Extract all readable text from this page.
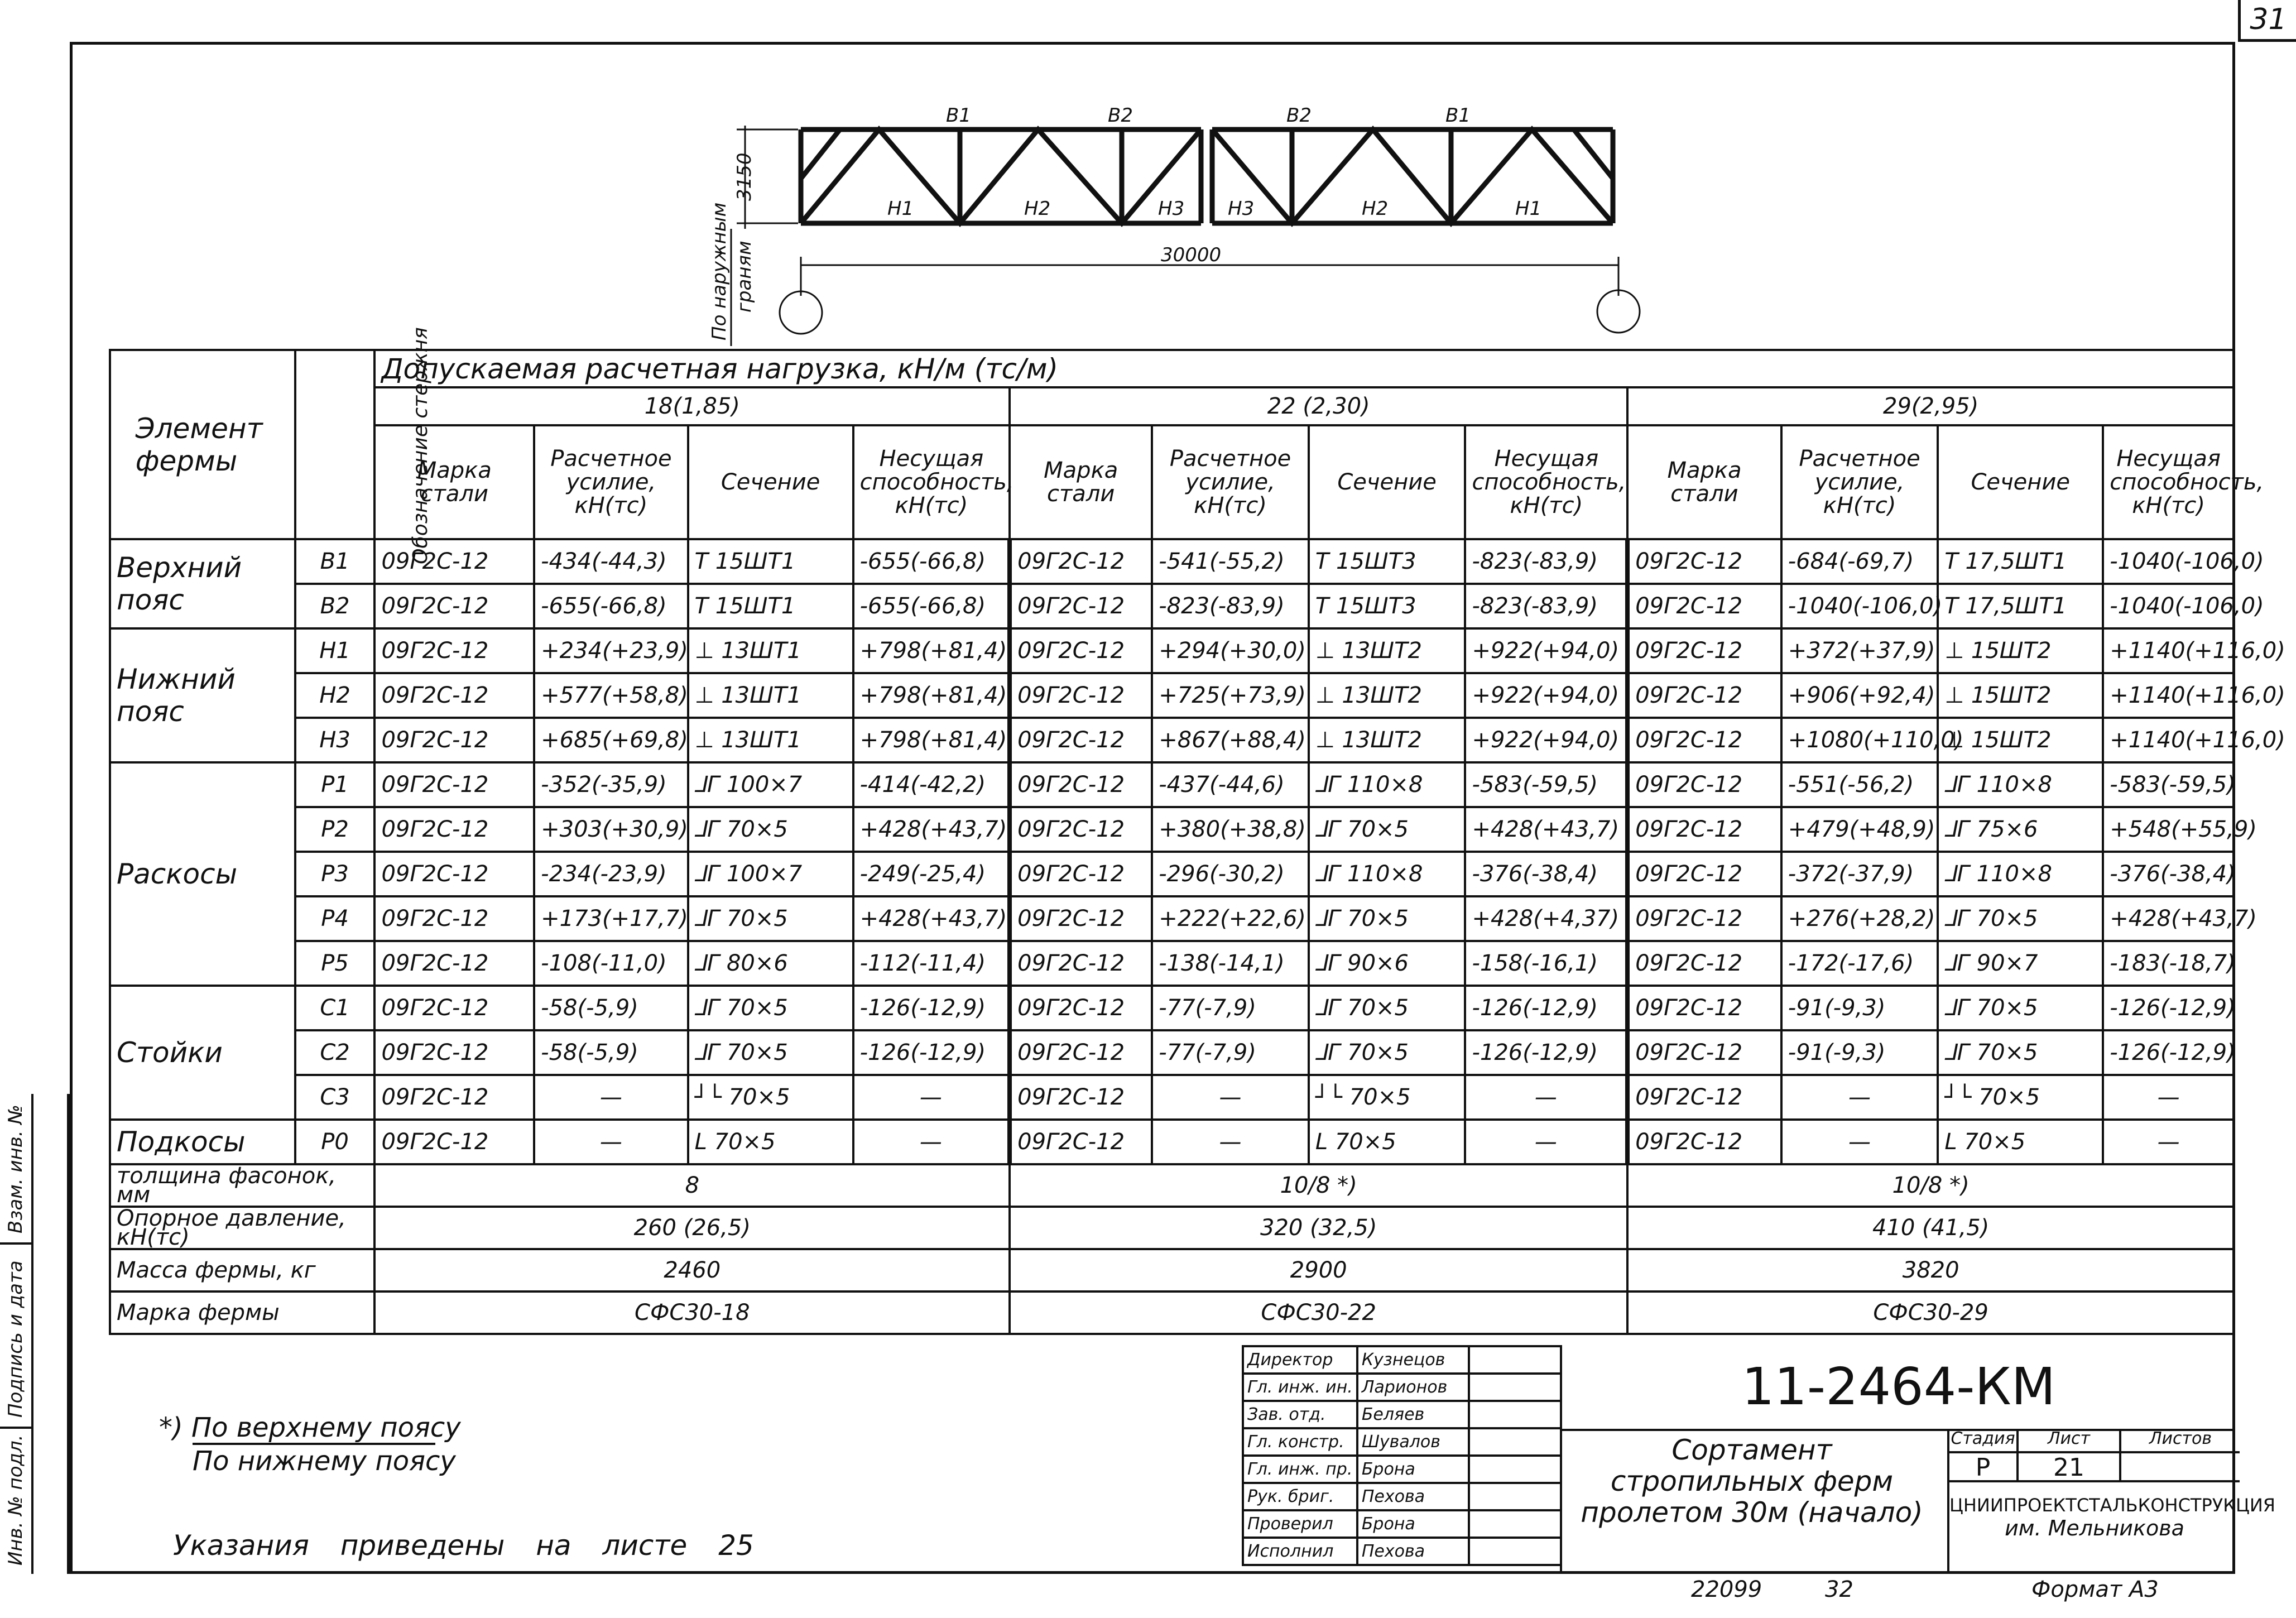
31
В1	В2	В2	В1
Н1	Н2	Н3 Н3	Н2	Н1
30000
3150
По наружным граням
Элемент фермы	Обозначение стержня	Допускаемая расчетная нагрузка, кН/м (тс/м)											
		18(1,85)				22 (2,30)				29(2,95)			
		Марка стали	Расчетное усилие, кН(тс)	Сечение	Несущая способность, кН(тс)	Марка стали	Расчетное усилие, кН(тс)	Сечение	Несущая способность, кН(тс)	Марка стали	Расчетное усилие, кН(тс)	Сечение	Несущая способность, кН(тс)
Верхний пояс	В1	09Г2С-12	-434(-44,3)	Т 15ШТ1	-655(-66,8)	09Г2С-12	-541(-55,2)	Т 15ШТ3	-823(-83,9)	09Г2С-12	-684(-69,7)	Т 17,5ШТ1	-1040(-106,0)
	В2	09Г2С-12	-655(-66,8)	Т 15ШТ1	-655(-66,8)	09Г2С-12	-823(-83,9)	Т 15ШТ3	-823(-83,9)	09Г2С-12	-1040(-106,0)	Т 17,5ШТ1	-1040(-106,0)
Нижний пояс	Н1	09Г2С-12	+234(+23,9)	⊥ 13ШТ1	+798(+81,4)	09Г2С-12	+294(+30,0)	⊥ 13ШТ2	+922(+94,0)	09Г2С-12	+372(+37,9)	⊥ 15ШТ2	+1140(+116,0)
	Н2	09Г2С-12	+577(+58,8)	⊥ 13ШТ1	+798(+81,4)	09Г2С-12	+725(+73,9)	⊥ 13ШТ2	+922(+94,0)	09Г2С-12	+906(+92,4)	⊥ 15ШТ2	+1140(+116,0)
	Н3	09Г2С-12	+685(+69,8)	⊥ 13ШТ1	+798(+81,4)	09Г2С-12	+867(+88,4)	⊥ 13ШТ2	+922(+94,0)	09Г2С-12	+1080(+110,0)	⊥ 15ШТ2	+1140(+116,0)
Раскосы	Р1	09Г2С-12	-352(-35,9)	⅃Г 100×7	-414(-42,2)	09Г2С-12	-437(-44,6)	⅃Г 110×8	-583(-59,5)	09Г2С-12	-551(-56,2)	⅃Г 110×8	-583(-59,5)
	Р2	09Г2С-12	+303(+30,9)	⅃Г 70×5	+428(+43,7)	09Г2С-12	+380(+38,8)	⅃Г 70×5	+428(+43,7)	09Г2С-12	+479(+48,9)	⅃Г 75×6	+548(+55,9)
	Р3	09Г2С-12	-234(-23,9)	⅃Г 100×7	-249(-25,4)	09Г2С-12	-296(-30,2)	⅃Г 110×8	-376(-38,4)	09Г2С-12	-372(-37,9)	⅃Г 110×8	-376(-38,4)
	Р4	09Г2С-12	+173(+17,7)	⅃Г 70×5	+428(+43,7)	09Г2С-12	+222(+22,6)	⅃Г 70×5	+428(+4,37)	09Г2С-12	+276(+28,2)	⅃Г 70×5	+428(+43,7)
	Р5	09Г2С-12	-108(-11,0)	⅃Г 80×6	-112(-11,4)	09Г2С-12	-138(-14,1)	⅃Г 90×6	-158(-16,1)	09Г2С-12	-172(-17,6)	⅃Г 90×7	-183(-18,7)
Стойки	С1	09Г2С-12	-58(-5,9)	⅃Г 70×5	-126(-12,9)	09Г2С-12	-77(-7,9)	⅃Г 70×5	-126(-12,9)	09Г2С-12	-91(-9,3)	⅃Г 70×5	-126(-12,9)
	С2	09Г2С-12	-58(-5,9)	⅃Г 70×5	-126(-12,9)	09Г2С-12	-77(-7,9)	⅃Г 70×5	-126(-12,9)	09Г2С-12	-91(-9,3)	⅃Г 70×5	-126(-12,9)
	С3	09Г2С-12	—	┘└ 70×5	—	09Г2С-12	—	┘└ 70×5	—	09Г2С-12	—	┘└ 70×5	—
Подкосы	Р0	09Г2С-12	—	L 70×5	—	09Г2С-12	—	L 70×5	—	09Г2С-12	—	L 70×5	—
толщина фасонок, мм		8				10/8 *)				10/8 *)			
Опорное давление, кН(тс)		260 (26,5)				320 (32,5)				410 (41,5)			
Масса фермы, кг		2460				2900				3820			
Марка фермы		СФС30-18				СФС30-22				СФС30-29			
Взам. инв. №
Подпись и дата
Инв. № подл.
*) По верхнему поясу
По нижнему поясу
Указания приведены на листе 25
Директор	Кузнецов	
Гл. инж. ин.	Ларионов	
Зав. отд.	Беляев	
Гл. констр.	Шувалов	
Гл. инж. пр.	Брона	
Рук. бриг.	Пехова	
Проверил	Брона	
Исполнил	Пехова	
11-2464-КМ
Сортамент стропильных ферм пролетом 30м (начало)
Стадия	Лист	Листов
Р	21
ЦНИИПРОЕКТСТАЛЬКОНСТРУКЦИЯ
им. Мельникова
22099	32	Формат А3
